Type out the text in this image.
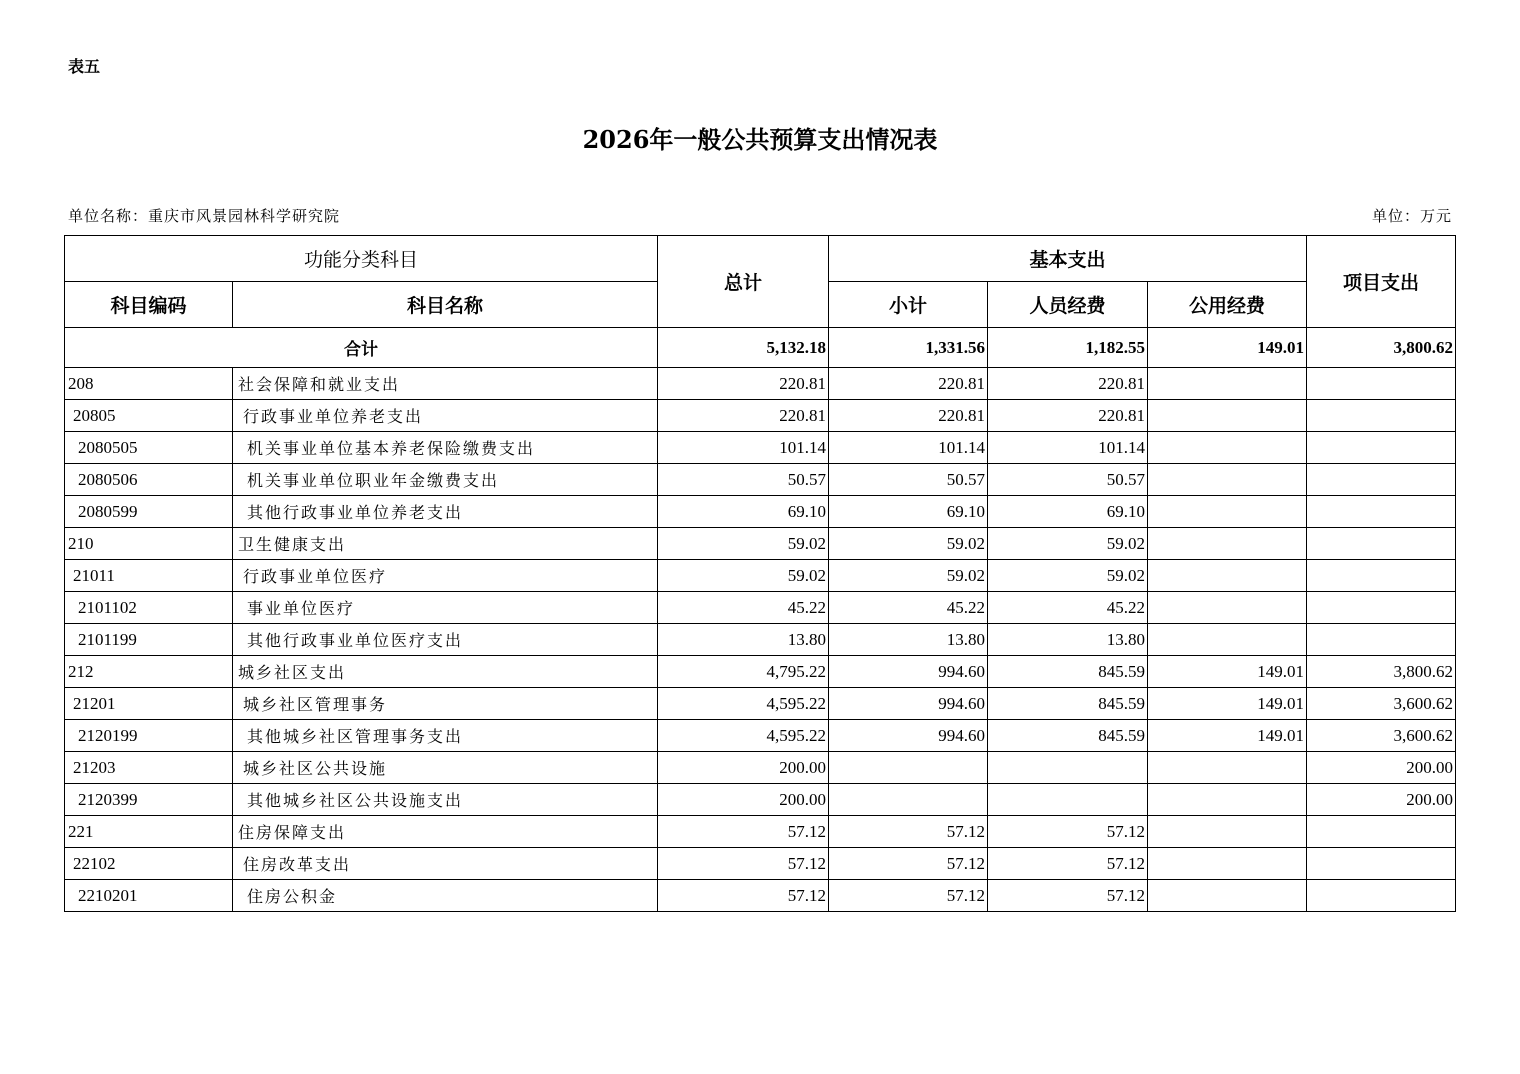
表五
2026年一般公共预算支出情况表
单位名称：重庆市风景园林科学研究院	单位：万元
功能分类科目		总计	基本支出			项目支出
科目编码	科目名称		小计	人员经费	公用经费	
合计		5,132.18	1,331.56	1,182.55	149.01	3,800.62
208	社会保障和就业支出	220.81	220.81	220.81		
20805	行政事业单位养老支出	220.81	220.81	220.81		
2080505	机关事业单位基本养老保险缴费支出	101.14	101.14	101.14		
2080506	机关事业单位职业年金缴费支出	50.57	50.57	50.57		
2080599	其他行政事业单位养老支出	69.10	69.10	69.10		
210	卫生健康支出	59.02	59.02	59.02		
21011	行政事业单位医疗	59.02	59.02	59.02		
2101102	事业单位医疗	45.22	45.22	45.22		
2101199	其他行政事业单位医疗支出	13.80	13.80	13.80		
212	城乡社区支出	4,795.22	994.60	845.59	149.01	3,800.62
21201	城乡社区管理事务	4,595.22	994.60	845.59	149.01	3,600.62
2120199	其他城乡社区管理事务支出	4,595.22	994.60	845.59	149.01	3,600.62
21203	城乡社区公共设施	200.00				200.00
2120399	其他城乡社区公共设施支出	200.00				200.00
221	住房保障支出	57.12	57.12	57.12		
22102	住房改革支出	57.12	57.12	57.12		
2210201	住房公积金	57.12	57.12	57.12		
